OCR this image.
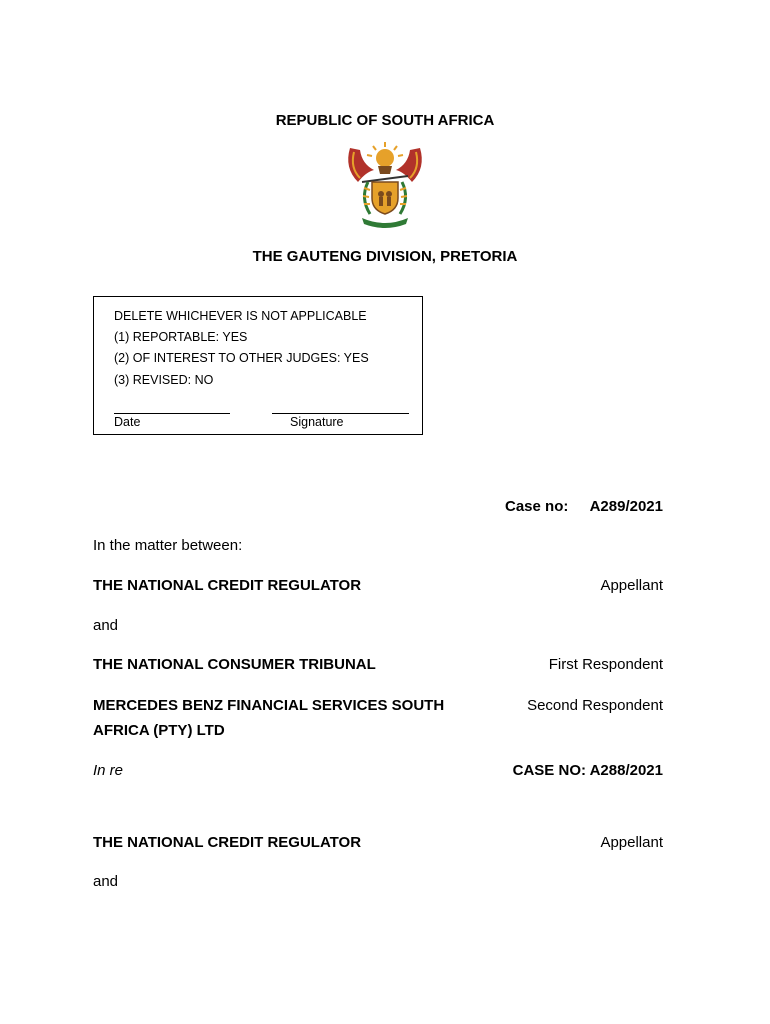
REPUBLIC OF SOUTH AFRICA
THE GAUTENG DIVISION, PRETORIA
DELETE WHICHEVER IS NOT APPLICABLE
(1) REPORTABLE: YES
(2) OF INTEREST TO OTHER JUDGES: YES
(3) REVISED: NO
Date	Signature
Case no: A289/2021
In the matter between:
THE NATIONAL CREDIT REGULATOR	Appellant
and
THE NATIONAL CONSUMER TRIBUNAL	First Respondent
MERCEDES BENZ FINANCIAL SERVICES SOUTH
AFRICA (PTY) LTD
Second Respondent
In re	CASE NO: A288/2021
THE NATIONAL CREDIT REGULATOR	Appellant
and
